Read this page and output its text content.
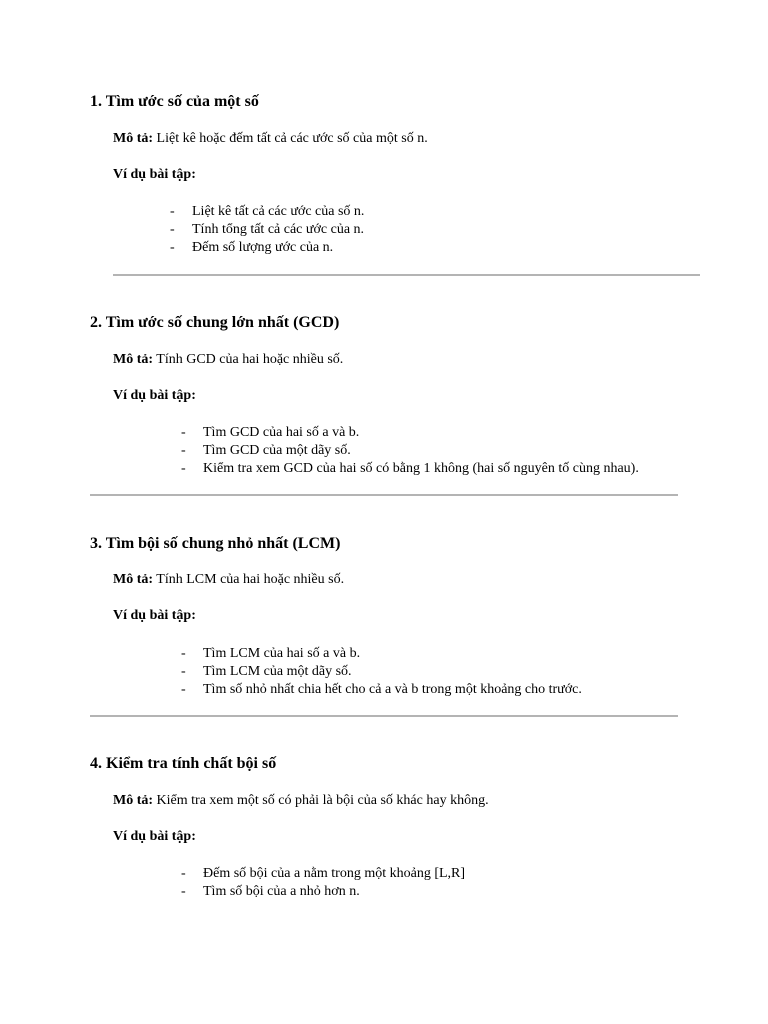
1. Tìm ước số của một số
Mô tả: Liệt kê hoặc đếm tất cả các ước số của một số n.
Ví dụ bài tập:
- Liệt kê tất cả các ước của số n.
- Tính tổng tất cả các ước của n.
- Đếm số lượng ước của n.
2. Tìm ước số chung lớn nhất (GCD)
Mô tả: Tính GCD của hai hoặc nhiều số.
Ví dụ bài tập:
- Tìm GCD của hai số a và b.
- Tìm GCD của một dãy số.
- Kiểm tra xem GCD của hai số có bằng 1 không (hai số nguyên tố cùng nhau).
3. Tìm bội số chung nhỏ nhất (LCM)
Mô tả: Tính LCM của hai hoặc nhiều số.
Ví dụ bài tập:
- Tìm LCM của hai số a và b.
- Tìm LCM của một dãy số.
- Tìm số nhỏ nhất chia hết cho cả a và b trong một khoảng cho trước.
4. Kiểm tra tính chất bội số
Mô tả: Kiểm tra xem một số có phải là bội của số khác hay không.
Ví dụ bài tập:
- Đếm số bội của a nằm trong một khoảng [L,R]
- Tìm số bội của a nhỏ hơn n.
